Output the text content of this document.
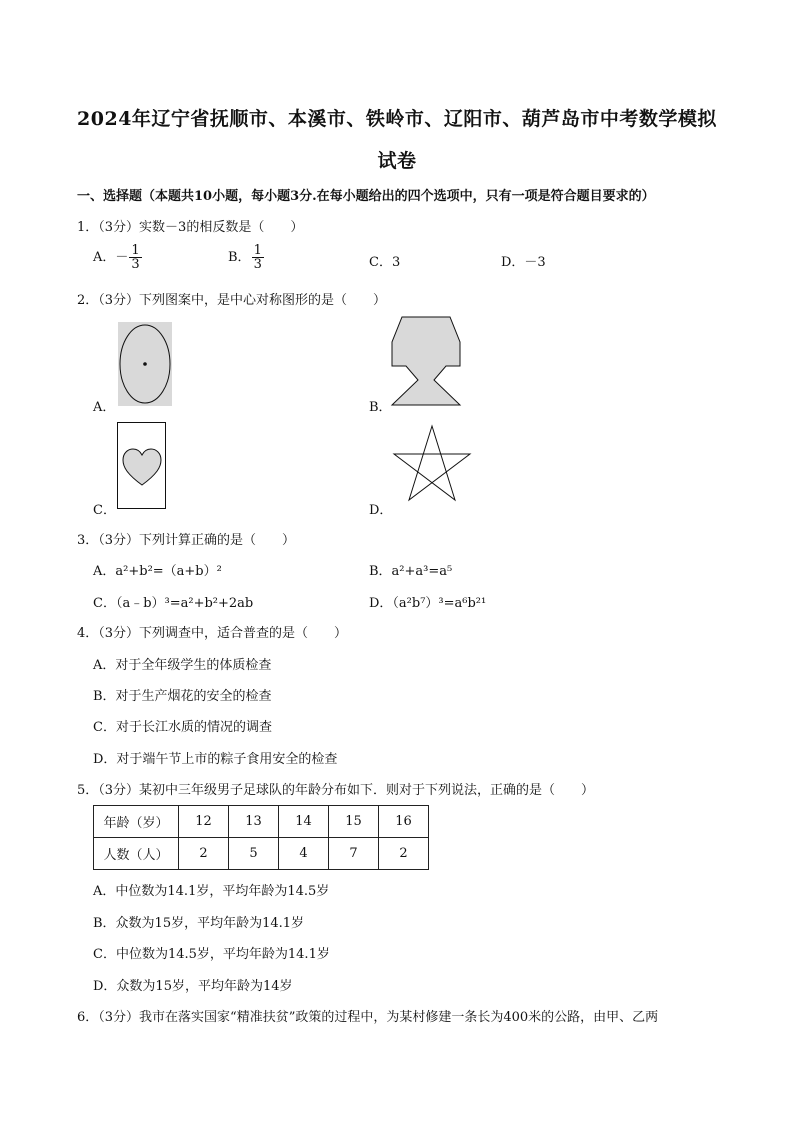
2024年辽宁省抚顺市、本溪市、铁岭市、辽阳市、葫芦岛市中考数学模拟
试卷
一、选择题（本题共10小题，每小题3分.在每小题给出的四个选项中，只有一项是符合题目要求的）
1．（3分）实数－3的相反数是（　　）
A．－ $\frac{1}{3}$	B． $\frac{1}{3}$	C．3	D．－3
2．（3分）下列图案中，是中心对称图形的是（　　）
A．	B．
C．	D．
3．（3分）下列计算正确的是（　　）
A．a²+b²=（a+b）²	B．a²+a³=a⁵
C．（a﹣b）³=a²+b²+2ab	D．（a²b⁷）³=a⁶b²¹
4．（3分）下列调查中，适合普查的是（　　）
A．对于全年级学生的体质检查
B．对于生产烟花的安全的检查
C．对于长江水质的情况的调查
D．对于端午节上市的粽子食用安全的检查
5．（3分）某初中三年级男子足球队的年龄分布如下．则对于下列说法，正确的是（　　）
年龄（岁）	12	13	14	15	16
人数（人）	2	5	4	7	2
A．中位数为14.1岁，平均年龄为14.5岁
B．众数为15岁，平均年龄为14.1岁
C．中位数为14.5岁，平均年龄为14.1岁
D．众数为15岁，平均年龄为14岁
6．（3分）我市在落实国家“精准扶贫”政策的过程中，为某村修建一条长为400米的公路，由甲、乙两
